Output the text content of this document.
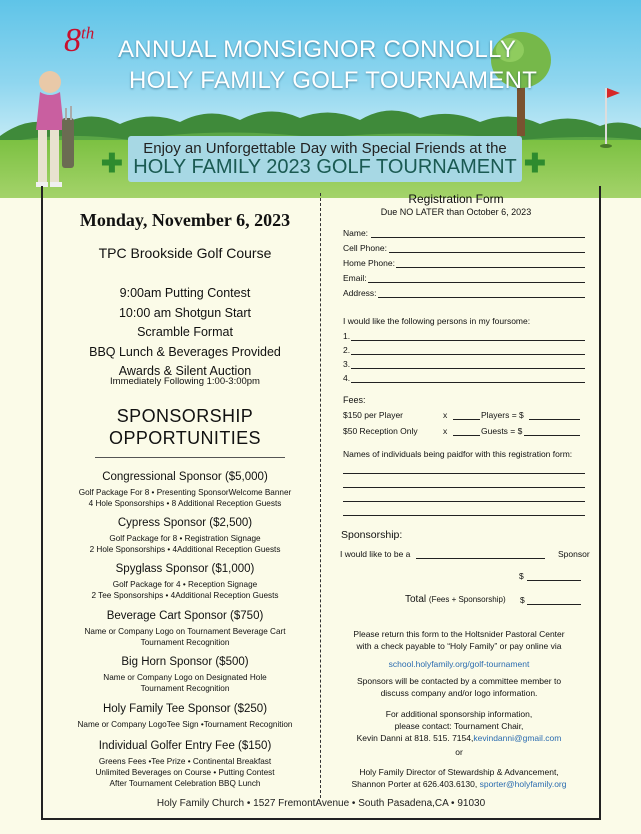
8th
ANNUAL MONSIGNOR CONNOLLY
HOLY FAMILY GOLF TOURNAMENT
Enjoy an Unforgettable Day with Special Friends at the
HOLY FAMILY 2023 GOLF TOURNAMENT
✚	✚
Monday, November 6, 2023
TPC Brookside Golf Course
9:00am Putting Contest
10:00 am Shotgun Start
Scramble Format
BBQ Lunch & Beverages Provided
Awards & Silent Auction
Immediately Following 1:00-3:00pm
SPONSORSHIP
OPPORTUNITIES
Congressional Sponsor ($5,000)
Golf Package For 8 • Presenting SponsorWelcome Banner
4 Hole Sponsorships • 8 Additional Reception Guests
Cypress Sponsor ($2,500)
Golf Package for 8 • Registration Signage
2 Hole Sponsorships • 4Additional Reception Guests
Spyglass Sponsor ($1,000)
Golf Package for 4 • Reception Signage
2 Tee Sponsorships • 4Additional Reception Guests
Beverage Cart Sponsor ($750)
Name or Company Logo on Tournament Beverage Cart
Tournament Recognition
Big Horn Sponsor ($500)
Name or Company Logo on Designated Hole
Tournament Recognition
Holy Family Tee Sponsor ($250)
Name or Company LogoTee Sign •Tournament Recognition
Individual Golfer Entry Fee ($150)
Greens Fees •Tee Prize • Continental Breakfast
Unlimited Beverages on Course • Putting Contest
After Tournament Celebration BBQ Lunch
Registration Form
Due NO LATER than October 6, 2023
Name:
Cell Phone:
Home Phone:
Email:
Address:
I would like the following persons in my foursome:
1.
2.
3.
4.
Fees:
$150 per Player	x	Players = $
$50 Reception Only	x	Guests = $
Names of individuals being paidfor with this registration form:
Sponsorship:
I would like to be a	Sponsor
$
Total (Fees + Sponsorship) $
Please return this form to the Holtsnider Pastoral Center
with a check payable to “Holy Family” or pay online via
school.holyfamily.org/golf-tournament
Sponsors will be contacted by a committee member to
discuss company and/or logo information.
For additional sponsorship information,
please contact: Tournament Chair,
Kevin Danni at 818. 515. 7154,kevindanni@gmail.com
or
Holy Family Director of Stewardship & Advancement,
Shannon Porter at 626.403.6130, sporter@holyfamily.org
Holy Family Church • 1527 FremontAvenue • South Pasadena,CA • 91030
